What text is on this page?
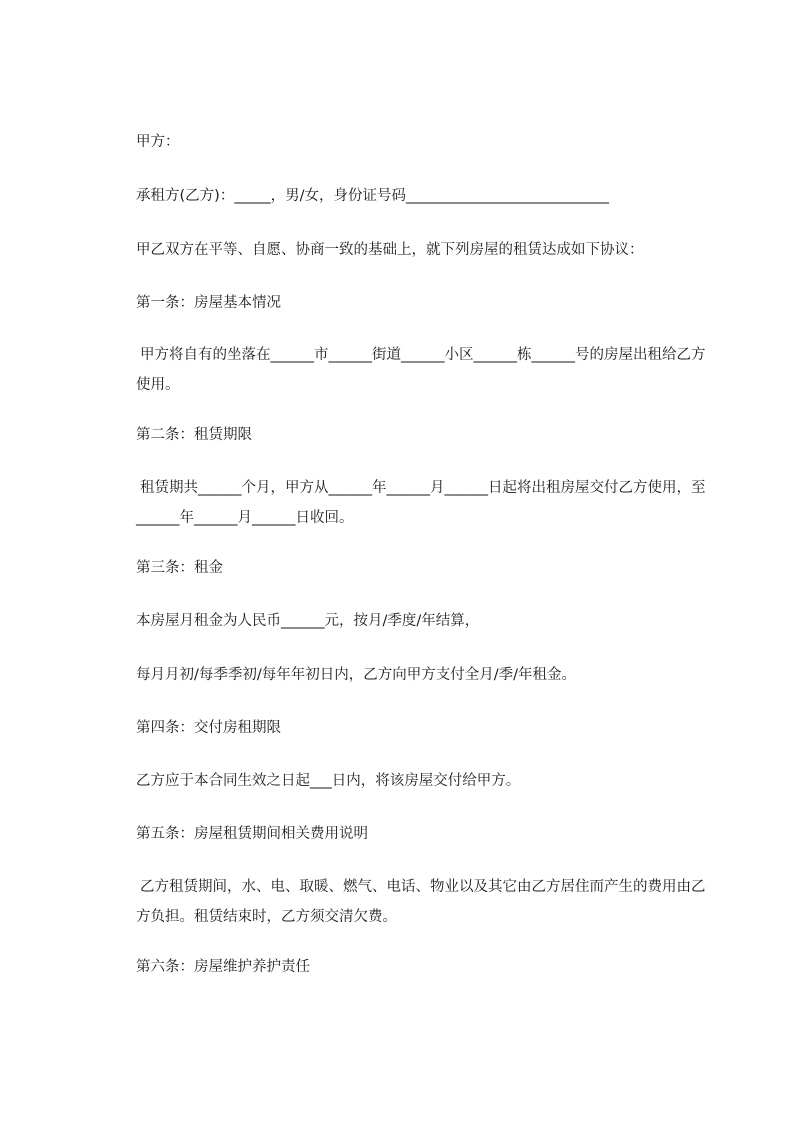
甲方：

承租方(乙方)：_____，男/女，身份证号码____________________________

甲乙双方在平等、自愿、协商一致的基础上，就下列房屋的租赁达成如下协议：

第一条：房屋基本情况

甲方将自有的坐落在______市______街道______小区______栋______号的房屋出租给乙方使用。

第二条：租赁期限

租赁期共______个月，甲方从______年______月______日起将出租房屋交付乙方使用，至______年______月______日收回。

第三条：租金

本房屋月租金为人民币______元，按月/季度/年结算，

每月月初/每季季初/每年年初日内，乙方向甲方支付全月/季/年租金。

第四条：交付房租期限

乙方应于本合同生效之日起___日内，将该房屋交付给甲方。

第五条：房屋租赁期间相关费用说明

乙方租赁期间，水、电、取暖、燃气、电话、物业以及其它由乙方居住而产生的费用由乙方负担。租赁结束时，乙方须交清欠费。

第六条：房屋维护养护责任
